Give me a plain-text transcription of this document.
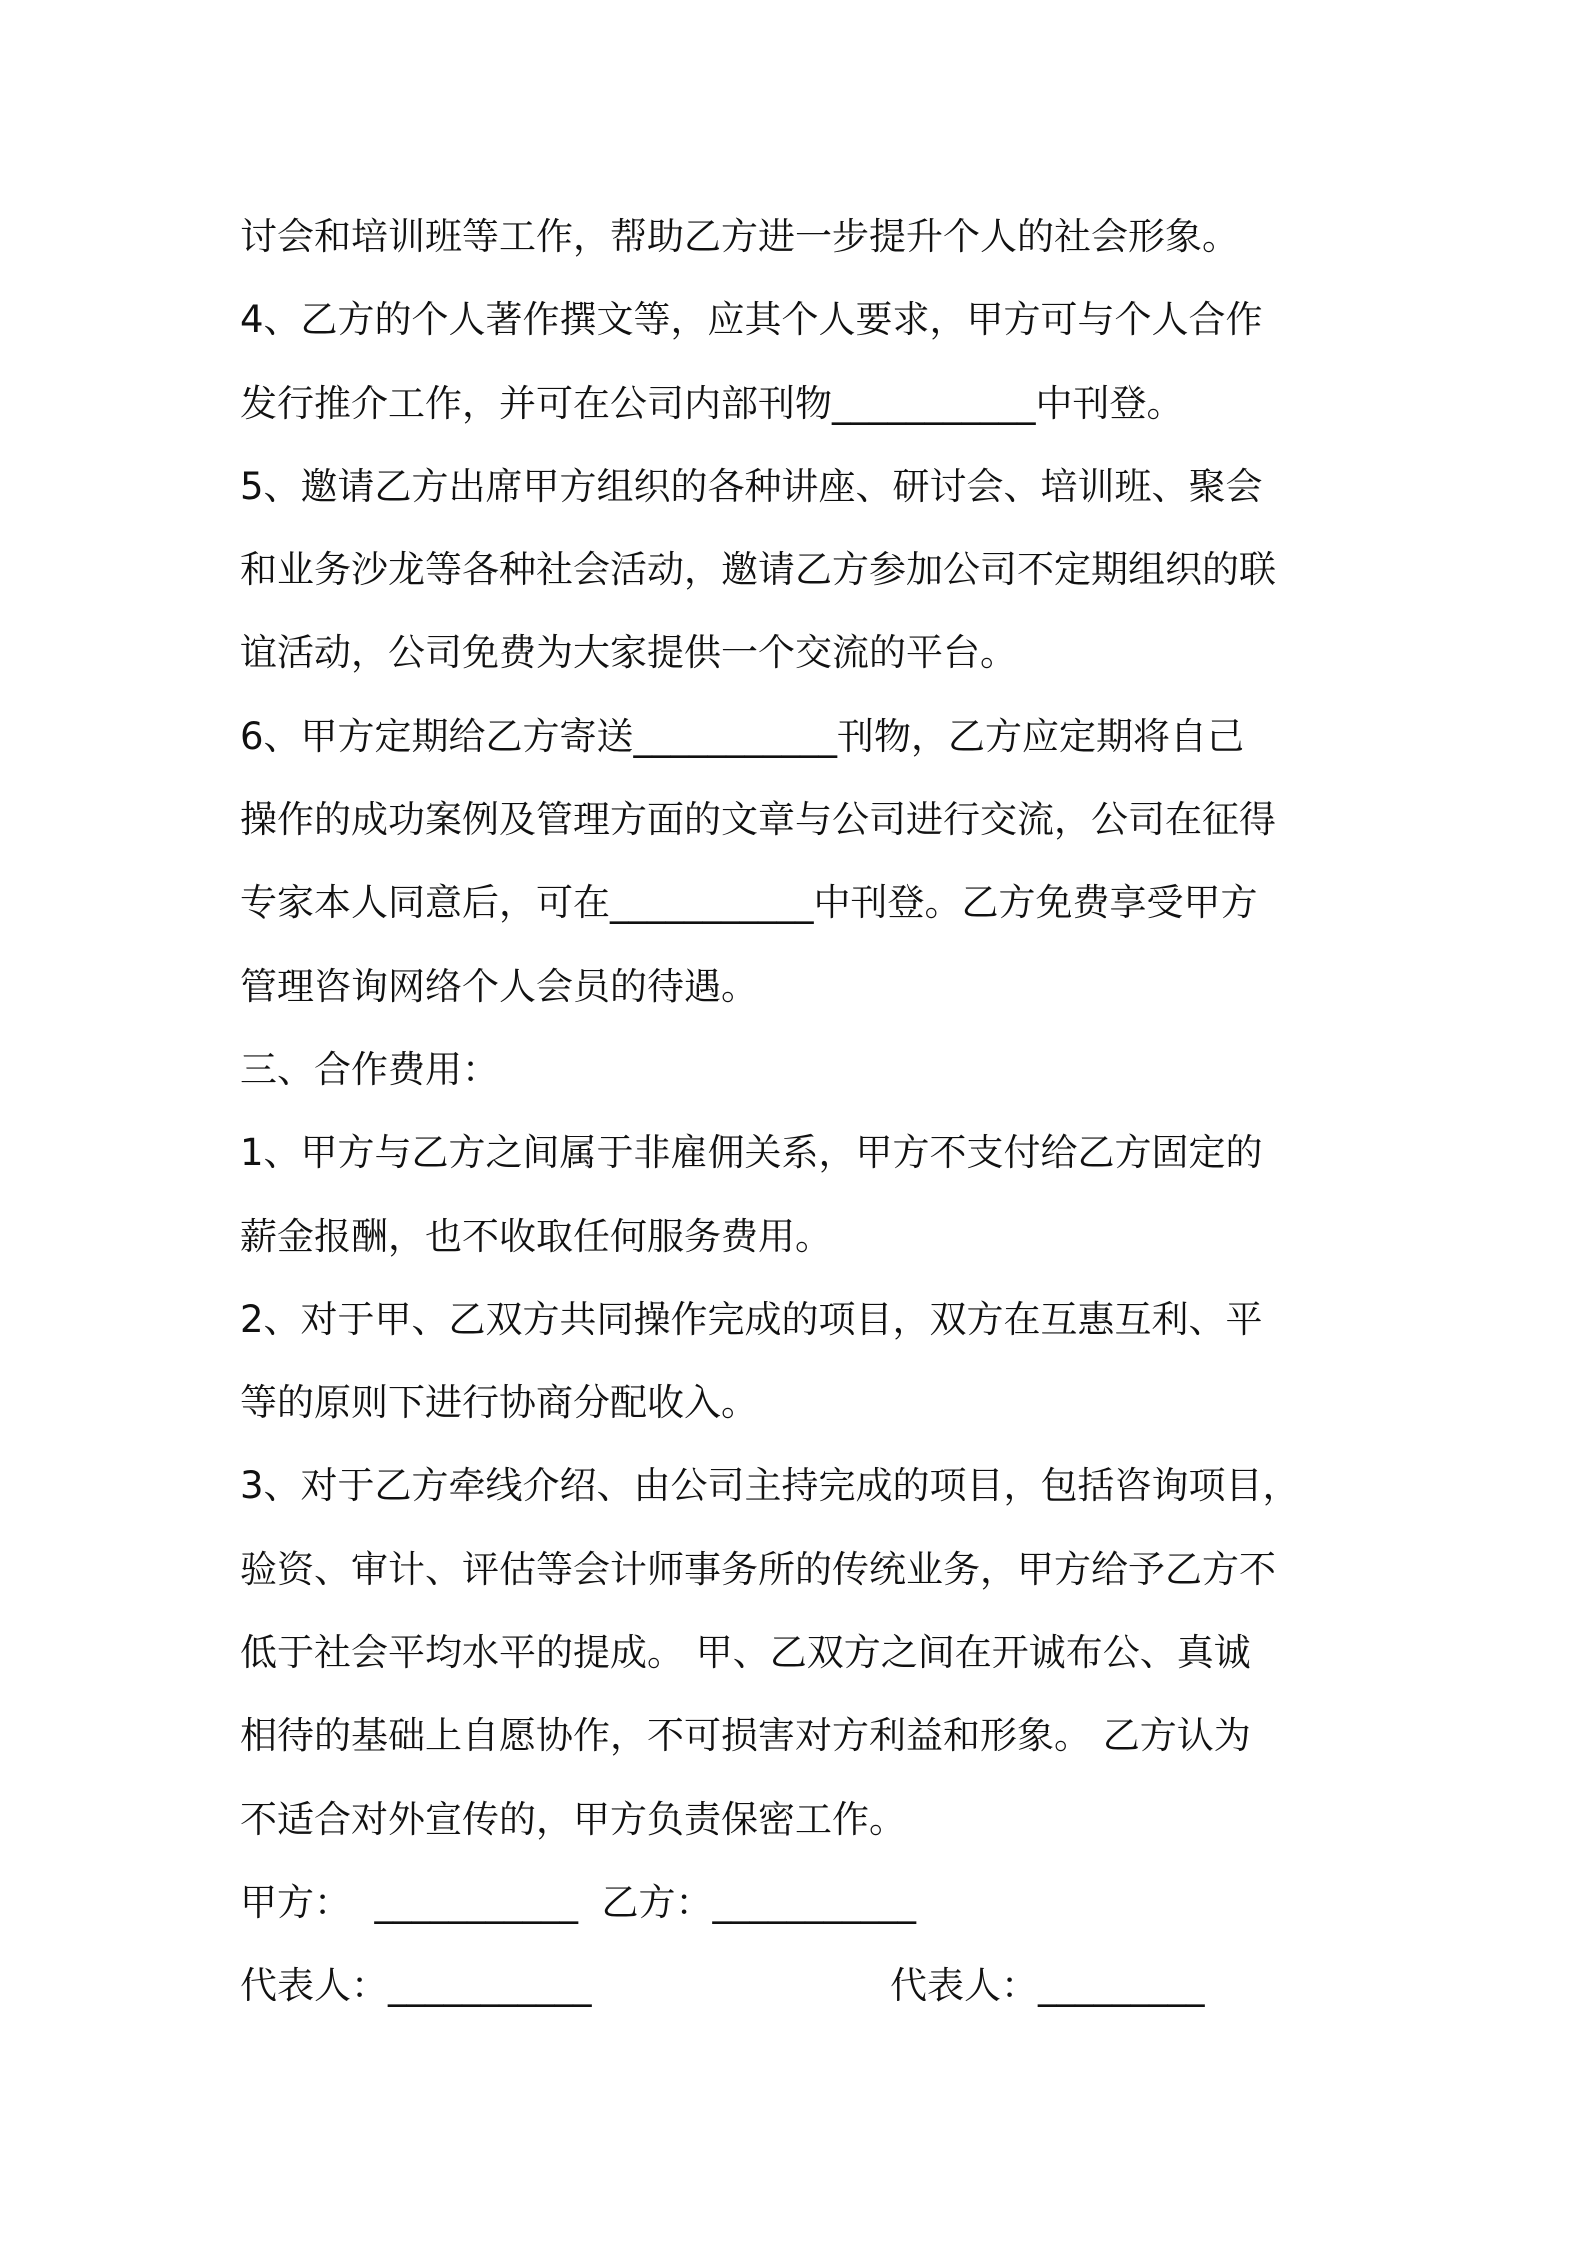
讨会和培训班等工作，帮助乙方进一步提升个人的社会形象。
4、乙方的个人著作撰文等，应其个人要求，甲方可与个人合作
发行推介工作，并可在公司内部刊物___________中刊登。
5、邀请乙方出席甲方组织的各种讲座、研讨会、培训班、聚会
和业务沙龙等各种社会活动，邀请乙方参加公司不定期组织的联
谊活动，公司免费为大家提供一个交流的平台。
6、甲方定期给乙方寄送___________刊物，乙方应定期将自己
操作的成功案例及管理方面的文章与公司进行交流，公司在征得
专家本人同意后，可在___________中刊登。乙方免费享受甲方
管理咨询网络个人会员的待遇。
三、合作费用：
1、甲方与乙方之间属于非雇佣关系，甲方不支付给乙方固定的
薪金报酬，也不收取任何服务费用。
2、对于甲、乙双方共同操作完成的项目，双方在互惠互利、平
等的原则下进行协商分配收入。
3、对于乙方牵线介绍、由公司主持完成的项目，包括咨询项目，
验资、审计、评估等会计师事务所的传统业务，甲方给予乙方不
低于社会平均水平的提成。 甲、乙双方之间在开诚布公、真诚
相待的基础上自愿协作，不可损害对方利益和形象。 乙方认为
不适合对外宣传的，甲方负责保密工作。
甲方：  ___________  乙方：___________
代表人：___________	代表人：_________
